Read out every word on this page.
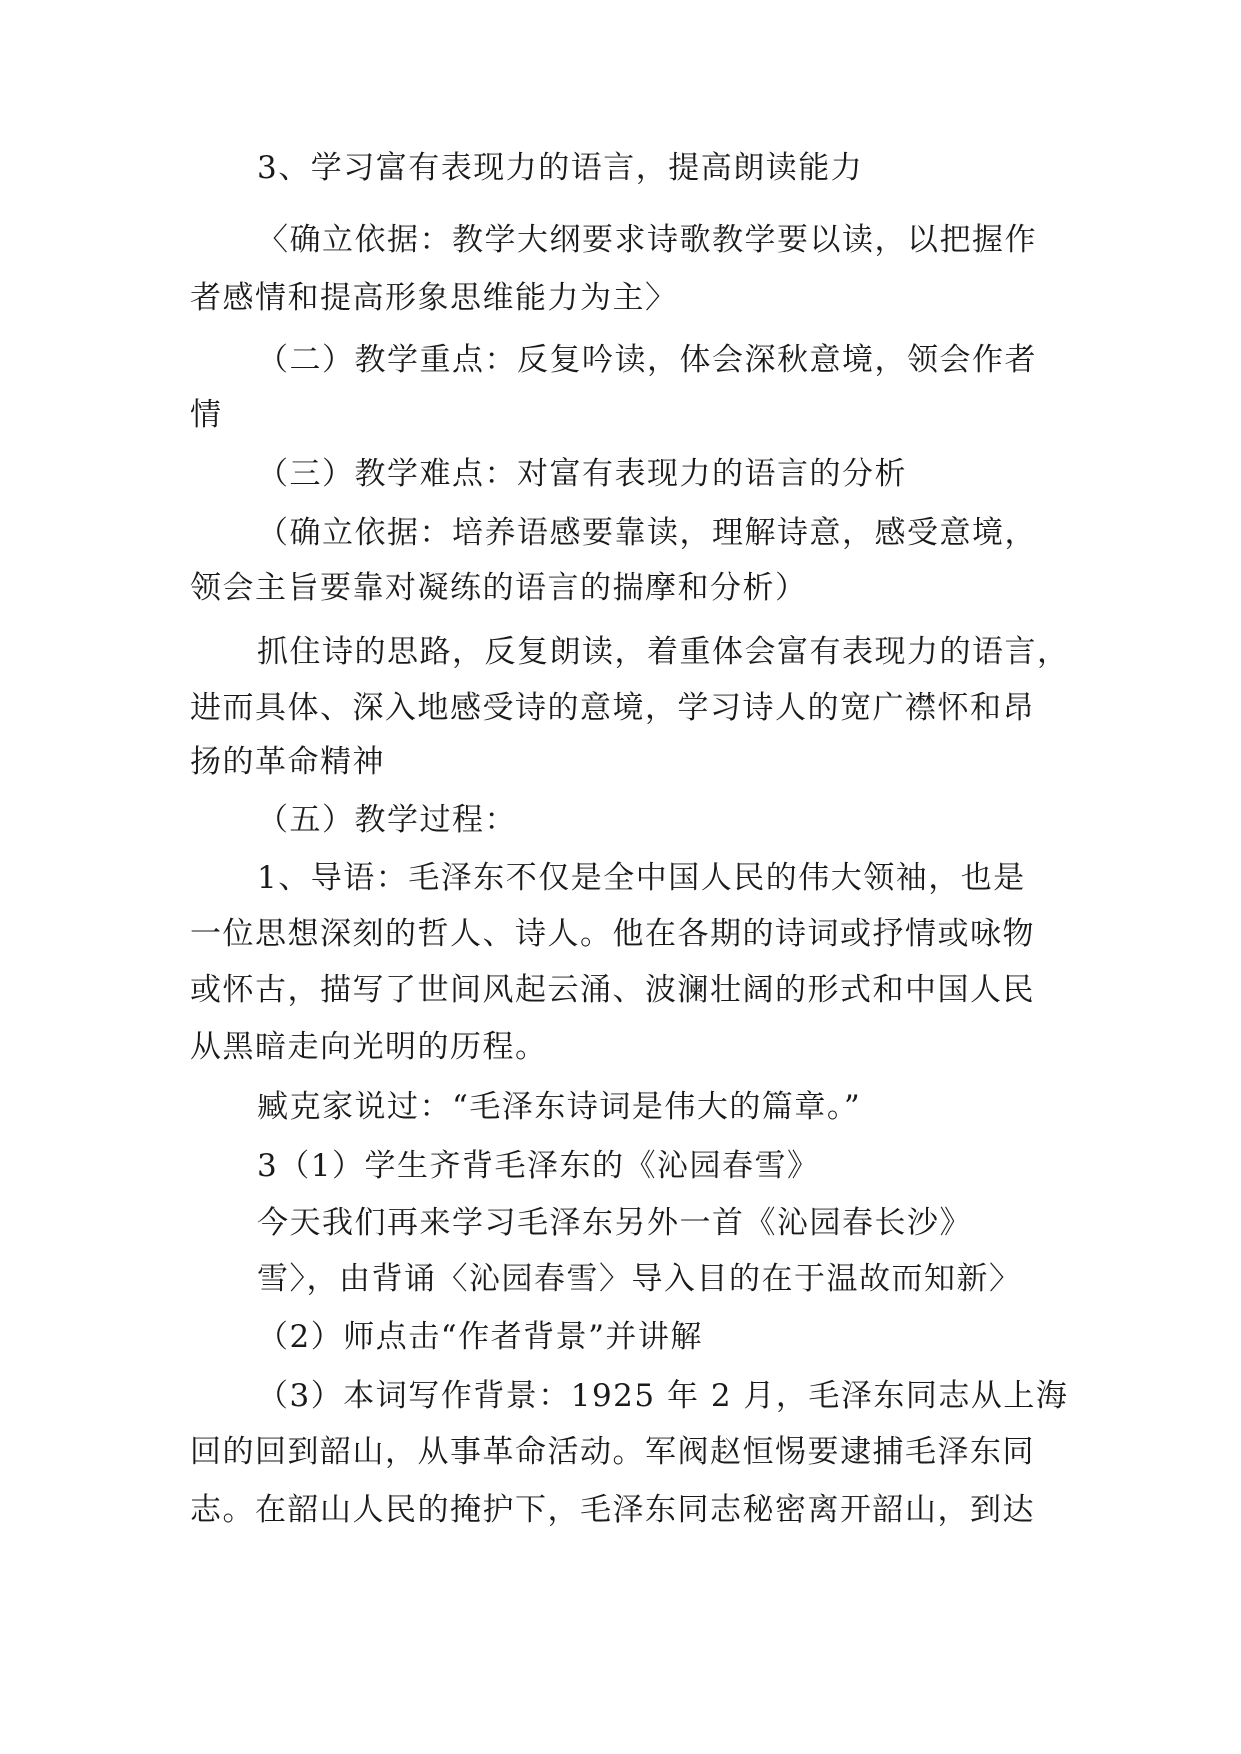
3、学习富有表现力的语言，提高朗读能力
〈确立依据：教学大纲要求诗歌教学要以读，以把握作
者感情和提高形象思维能力为主〉
（二）教学重点：反复吟读，体会深秋意境，领会作者
情
（三）教学难点：对富有表现力的语言的分析
（确立依据：培养语感要靠读，理解诗意，感受意境，
领会主旨要靠对凝练的语言的揣摩和分析）
抓住诗的思路，反复朗读，着重体会富有表现力的语言，
进而具体、深入地感受诗的意境，学习诗人的宽广襟怀和昂
扬的革命精神
（五）教学过程：
1、导语：毛泽东不仅是全中国人民的伟大领袖，也是
一位思想深刻的哲人、诗人。他在各期的诗词或抒情或咏物
或怀古，描写了世间风起云涌、波澜壮阔的形式和中国人民
从黑暗走向光明的历程。
臧克家说过：“毛泽东诗词是伟大的篇章。”
3（1）学生齐背毛泽东的《沁园春雪》
今天我们再来学习毛泽东另外一首《沁园春长沙》
雪〉，由背诵〈沁园春雪〉导入目的在于温故而知新〉
（2）师点击“作者背景”并讲解
（3）本词写作背景：1925 年 2 月，毛泽东同志从上海
回的回到韶山，从事革命活动。军阀赵恒惕要逮捕毛泽东同
志。在韶山人民的掩护下，毛泽东同志秘密离开韶山，到达
